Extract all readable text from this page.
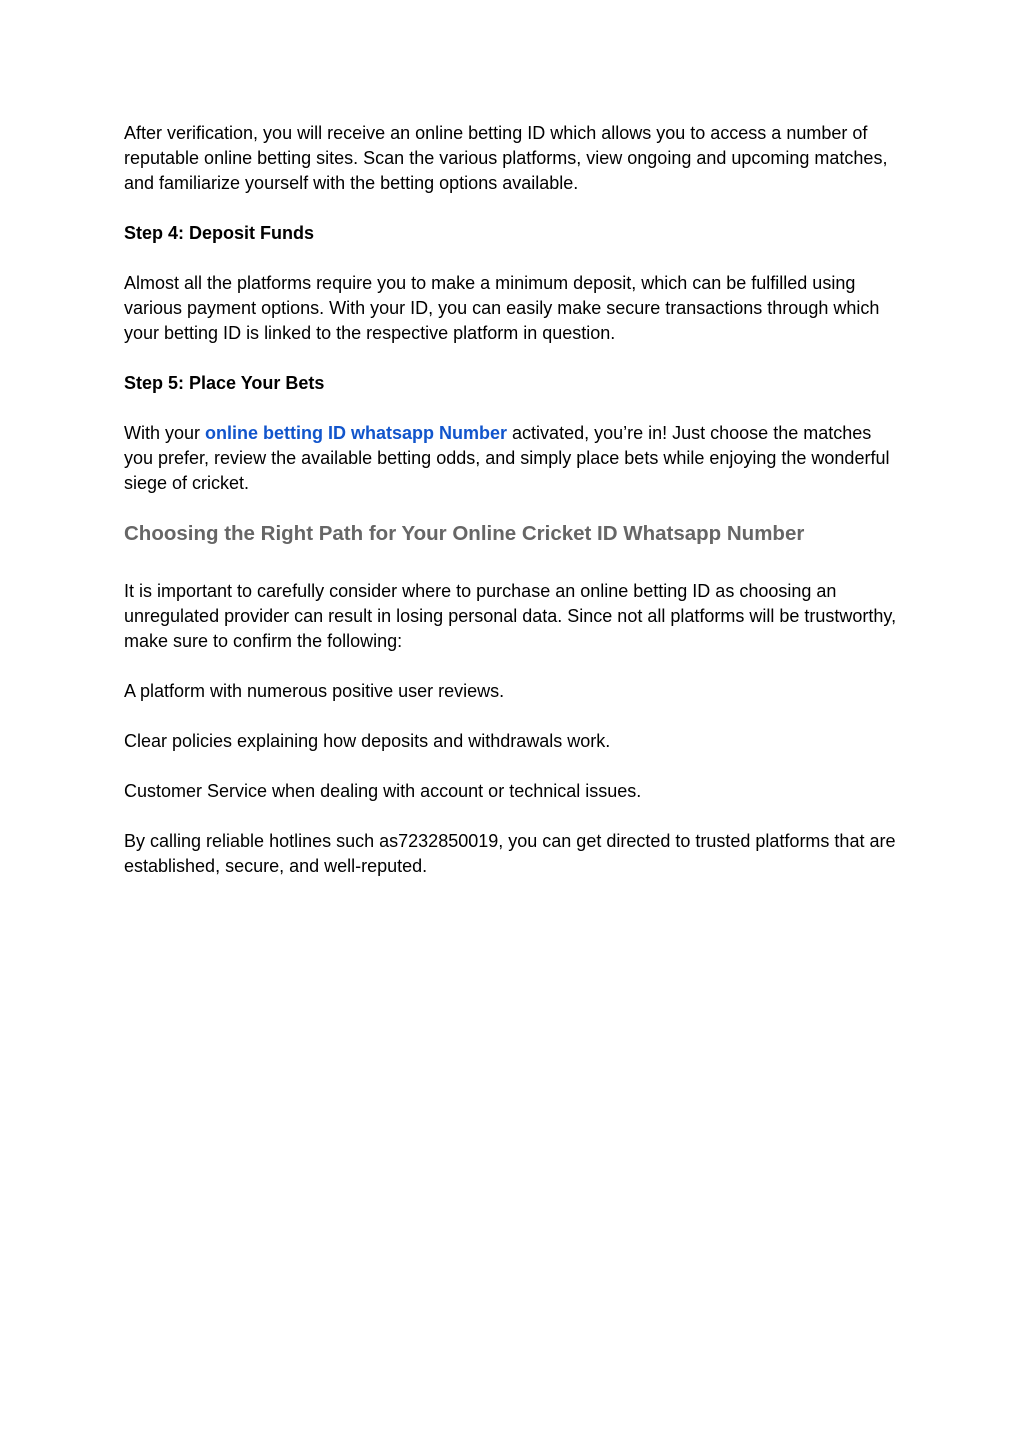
After verification, you will receive an online betting ID which allows you to access a number of reputable online betting sites. Scan the various platforms, view ongoing and upcoming matches, and familiarize yourself with the betting options available.

Step 4: Deposit Funds

Almost all the platforms require you to make a minimum deposit, which can be fulfilled using various payment options. With your ID, you can easily make secure transactions through which your betting ID is linked to the respective platform in question.

Step 5: Place Your Bets

With your online betting ID whatsapp Number activated, you’re in! Just choose the matches you prefer, review the available betting odds, and simply place bets while enjoying the wonderful siege of cricket.

Choosing the Right Path for Your Online Cricket ID Whatsapp Number

It is important to carefully consider where to purchase an online betting ID as choosing an unregulated provider can result in losing personal data. Since not all platforms will be trustworthy, make sure to confirm the following:

A platform with numerous positive user reviews.

Clear policies explaining how deposits and withdrawals work.

Customer Service when dealing with account or technical issues.

By calling reliable hotlines such as7232850019, you can get directed to trusted platforms that are established, secure, and well-reputed.
